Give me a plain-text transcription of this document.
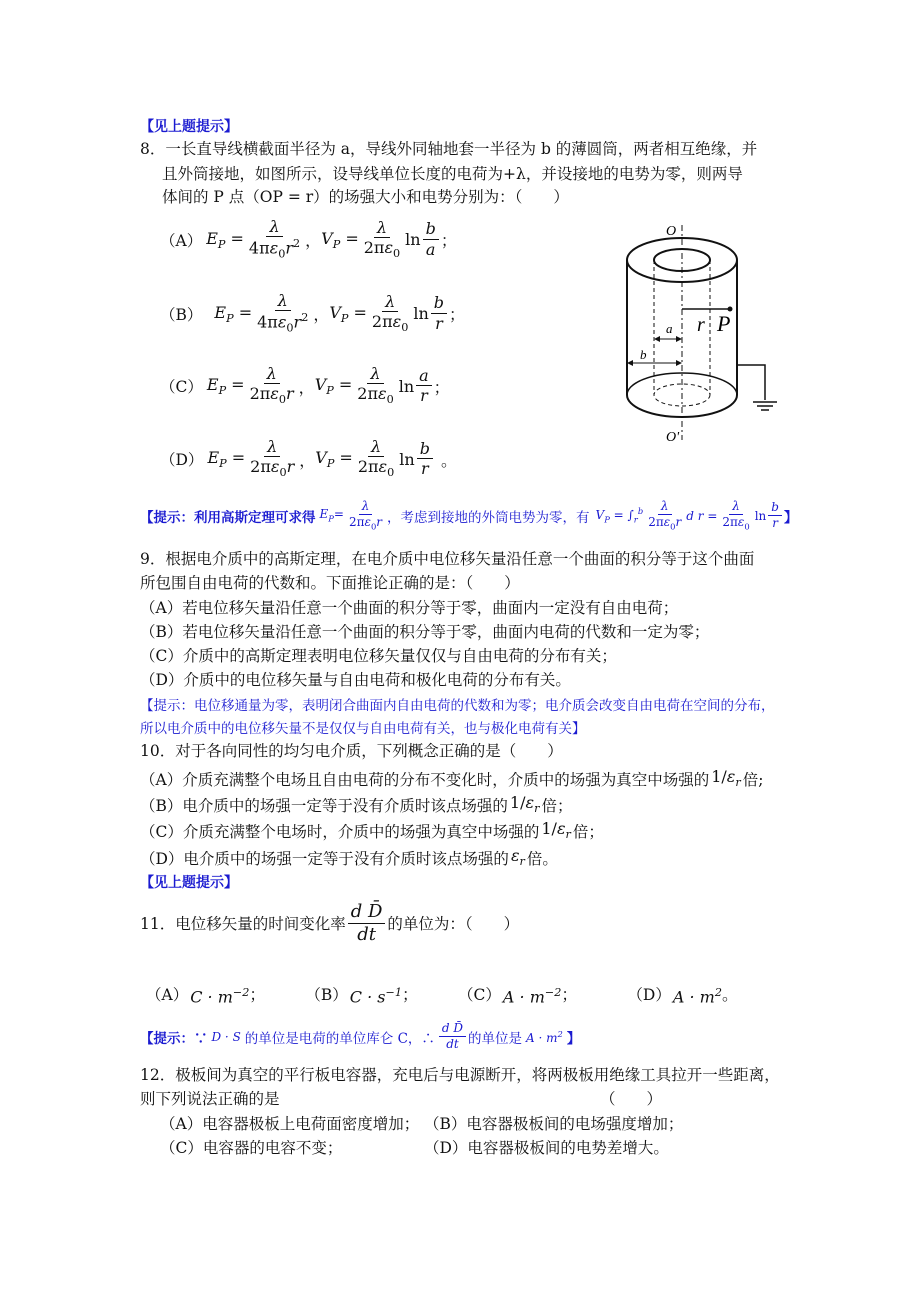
【见上题提示】
8．一长直导线横截面半径为 a，导线外同轴地套一半径为 b 的薄圆筒，两者相互绝缘，并
且外筒接地，如图所示，设导线单位长度的电荷为+λ，并设接地的电势为零，则两导
体间的 P 点（OP = r）的场强大小和电势分别为：（　　）
（A） $E_P = \frac{\lambda}{4\pi\varepsilon_0r^2}$ ， $V_P = \frac{\lambda}{2\pi\varepsilon_0}$ $\ln \frac{b}{a}$ ；
（B） $E_P = \frac{\lambda}{4\pi\varepsilon_0r^2}$ ， $V_P = \frac{\lambda}{2\pi\varepsilon_0}$ $\ln \frac{b}{r}$ ；
（C） $E_P = \frac{\lambda}{2\pi\varepsilon_0r}$ ， $V_P = \frac{\lambda}{2\pi\varepsilon_0}$ $\ln \frac{a}{r}$ ；
（D） $E_P = \frac{\lambda}{2\pi\varepsilon_0r}$ ， $V_P = \frac{\lambda}{2\pi\varepsilon_0}$ $\ln \frac{b}{r}$ 。
O
O'
a
b
r P
【提示：利用高斯定理可求得 $E_P= \frac{\lambda}{2\pi\varepsilon_0r}$ ，考虑到接地的外筒电势为零，有 $V_P = \int_r^b \frac{\lambda}{2\pi\varepsilon_0r}$ d $r = \frac{\lambda}{2\pi\varepsilon_0}$ $\ln \frac{b}{r}$ 】
9．根据电介质中的高斯定理，在电介质中电位移矢量沿任意一个曲面的积分等于这个曲面
所包围自由电荷的代数和。下面推论正确的是：（　　）
（A）若电位移矢量沿任意一个曲面的积分等于零，曲面内一定没有自由电荷；
（B）若电位移矢量沿任意一个曲面的积分等于零，曲面内电荷的代数和一定为零；
（C）介质中的高斯定理表明电位移矢量仅仅与自由电荷的分布有关；
（D）介质中的电位移矢量与自由电荷和极化电荷的分布有关。
【提示：电位移通量为零，表明闭合曲面内自由电荷的代数和为零；电介质会改变自由电荷在空间的分布，
所以电介质中的电位移矢量不是仅仅与自由电荷有关，也与极化电荷有关】
10．对于各向同性的均匀电介质，下列概念正确的是（　　）
（A）介质充满整个电场且自由电荷的分布不变化时，介质中的场强为真空中场强的 $1/\varepsilon_r$ 倍;
（B）电介质中的场强一定等于没有介质时该点场强的 $1/\varepsilon_r$ 倍；
（C）介质充满整个电场时，介质中的场强为真空中场强的 $1/\varepsilon_r$ 倍；
（D）电介质中的场强一定等于没有介质时该点场强的 $\varepsilon_r$ 倍。
【见上题提示】
11．电位移矢量的时间变化率 $\frac{\text{d D̄}}{dt}$ 的单位为：（　　）
（A） $C \cdot m^{-2}$ ；	（B） $C \cdot s^{-1}$ ；	（C） $A \cdot m^{-2}$ ；	（D） $A \cdot m^2$ 。
【提示：∵ D · S 的单位是电荷的单位库仑 C，∴ $\frac{\text{d D̄}}{dt}$ 的单位是 $A \cdot m^2$ 】
12．极板间为真空的平行板电容器，充电后与电源断开，将两极板用绝缘工具拉开一些距离，
则下列说法正确的是	（　　）
（A）电容器极板上电荷面密度增加； （B）电容器极板间的电场强度增加；
（C）电容器的电容不变；	（D）电容器极板间的电势差增大。
